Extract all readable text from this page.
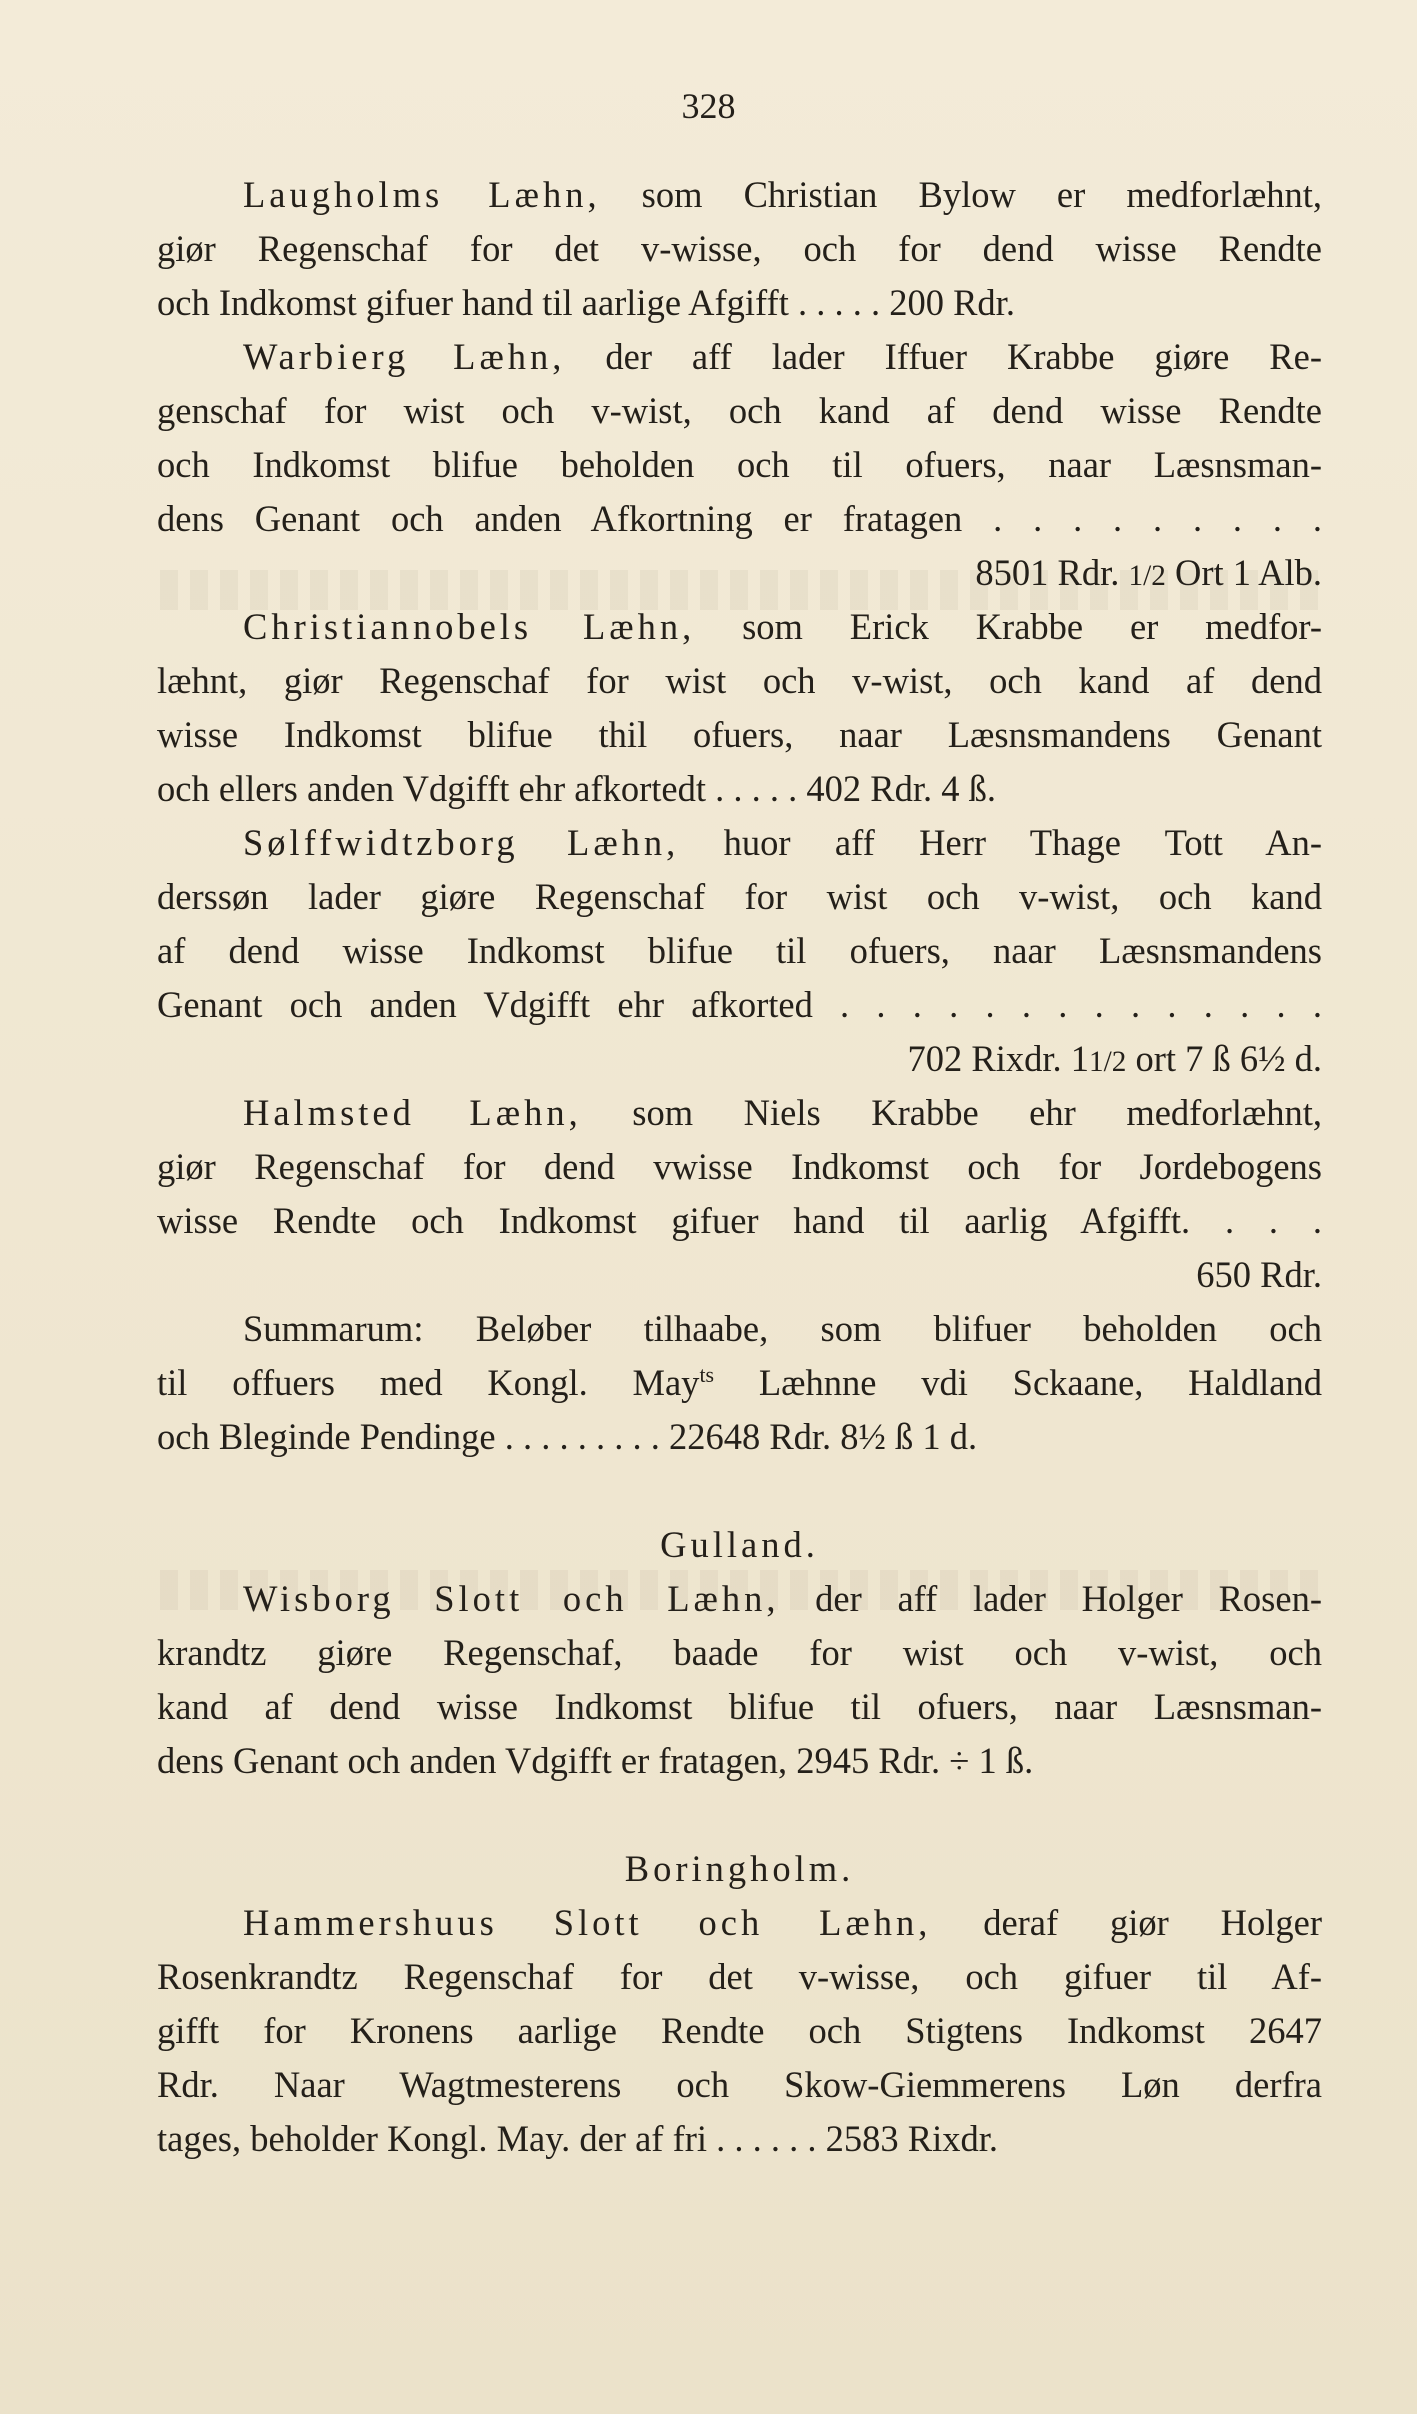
328
Laugholms Læhn, som Christian Bylow er medforlæhnt,
giør Regenschaf for det v-wisse, och for dend wisse Rendte
och Indkomst gifuer hand til aarlige Afgifft . . . . . 200 Rdr.
Warbierg Læhn, der aff lader Iffuer Krabbe giøre Re-
genschaf for wist och v-wist, och kand af dend wisse Rendte
och Indkomst blifue beholden och til ofuers, naar Læsnsman-
dens Genant och anden Afkortning er fratagen . . . . . . . . .
8501 Rdr. 1/2 Ort 1 Alb.
Christiannobels Læhn, som Erick Krabbe er medfor-
læhnt, giør Regenschaf for wist och v-wist, och kand af dend
wisse Indkomst blifue thil ofuers, naar Læsnsmandens Genant
och ellers anden Vdgifft ehr afkortedt . . . . . 402 Rdr. 4 ß.
Sølffwidtzborg Læhn, huor aff Herr Thage Tott An-
derssøn lader giøre Regenschaf for wist och v-wist, och kand
af dend wisse Indkomst blifue til ofuers, naar Læsnsmandens
Genant och anden Vdgifft ehr afkorted . . . . . . . . . . . . . .
702 Rixdr. 11/2 ort 7 ß 6½ d.
Halmsted Læhn, som Niels Krabbe ehr medforlæhnt,
giør Regenschaf for dend vwisse Indkomst och for Jordebogens
wisse Rendte och Indkomst gifuer hand til aarlig Afgifft. . . .
650 Rdr.
Summarum: Beløber tilhaabe, som blifuer beholden och
til offuers med Kongl. May$^{ts}$ Læhnne vdi Sckaane, Haldland
och Bleginde Pendinge . . . . . . . . . 22648 Rdr. 8½ ß 1 d.
Gulland.
Wisborg Slott och Læhn, der aff lader Holger Rosen-
krandtz giøre Regenschaf, baade for wist och v-wist, och
kand af dend wisse Indkomst blifue til ofuers, naar Læsnsman-
dens Genant och anden Vdgifft er fratagen, 2945 Rdr. ÷ 1 ß.
Boringholm.
Hammershuus Slott och Læhn, deraf giør Holger
Rosenkrandtz Regenschaf for det v-wisse, och gifuer til Af-
gifft for Kronens aarlige Rendte och Stigtens Indkomst 2647
Rdr. Naar Wagtmesterens och Skow-Giemmerens Løn derfra
tages, beholder Kongl. May. der af fri . . . . . . 2583 Rixdr.
